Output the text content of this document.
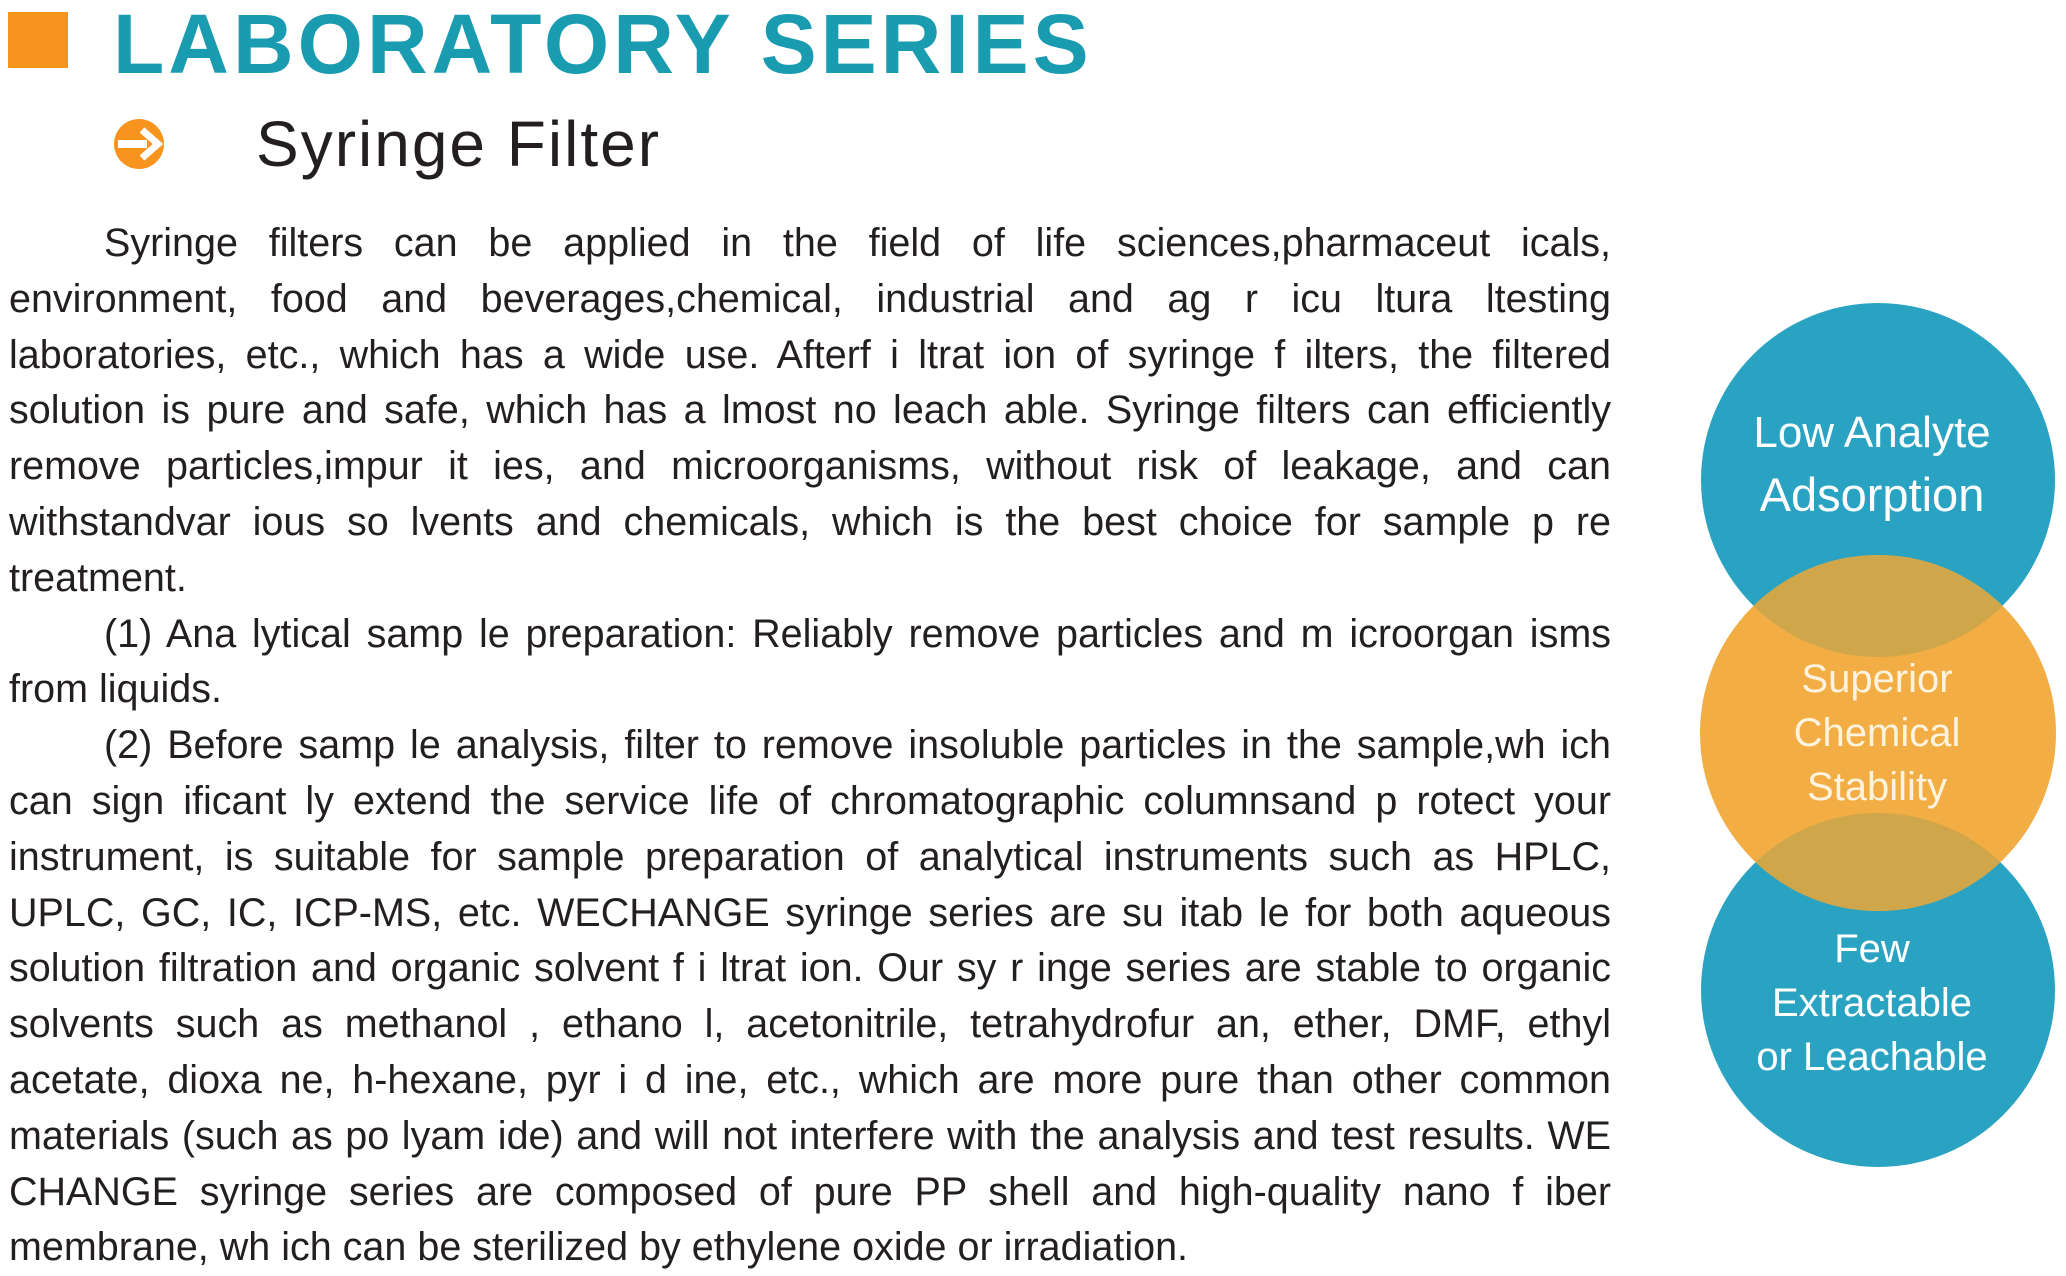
LABORATORY SERIES
Syringe Filter

Syringe filters can be applied in the field of life sciences,pharmaceut icals, environment, food and beverages,chemical, industrial and ag r icu ltura ltesting laboratories, etc., which has a wide use. Afterf i ltrat ion of syringe f ilters, the filtered solution is pure and safe, which has a lmost no leach able. Syringe filters can efficiently remove particles,impur it ies, and microorganisms, without risk of leakage, and can withstandvar ious so lvents and chemicals, which is the best choice for sample p re treatment.

(1) Ana lytical samp le preparation: Reliably remove particles and m icroorgan isms from liquids.

(2) Before samp le analysis, filter to remove insoluble particles in the sample,wh ich can sign ificant ly extend the service life of chromatographic columnsand p rotect your instrument, is suitable for sample preparation of analytical instruments such as HPLC, UPLC, GC, IC, ICP-MS, etc. WECHANGE syringe series are su itab le for both aqueous solution filtration and organic solvent f i ltrat ion. Our sy r inge series are stable to organic solvents such as methanol , ethano l, acetonitrile, tetrahydrofur an, ether, DMF, ethyl acetate, dioxa ne, h-hexane, pyr i d ine, etc., which are more pure than other common materials (such as po lyam ide) and will not interfere with the analysis and test results. WE CHANGE syringe series are composed of pure PP shell and high-quality nano f iber membrane, wh ich can be sterilized by ethylene oxide or irradiation.

Low Analyte
Adsorption
Superior
Chemical
Stability
Few
Extractable
or Leachable
